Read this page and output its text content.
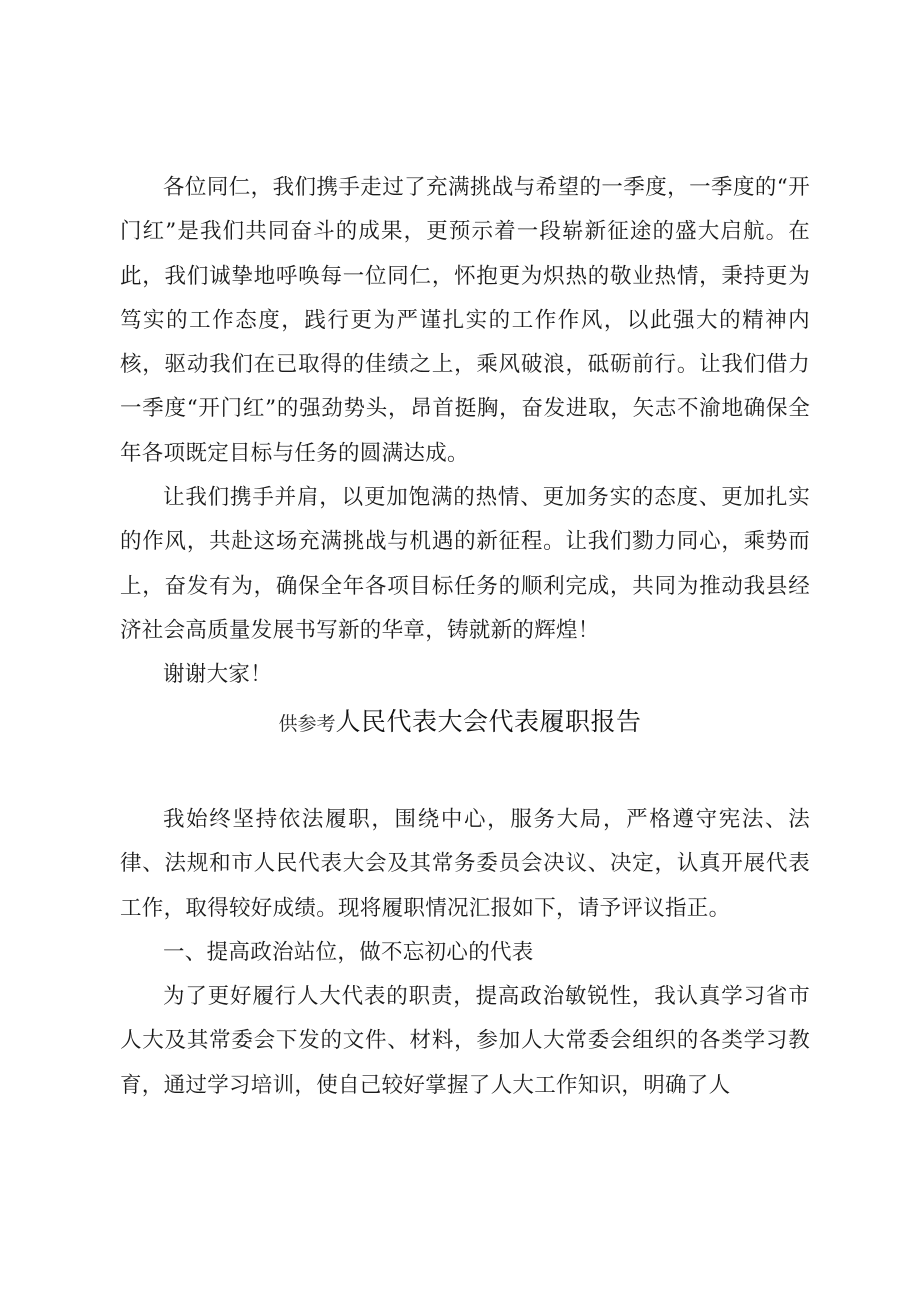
各位同仁，我们携手走过了充满挑战与希望的一季度，一季度的“开门红”是我们共同奋斗的成果，更预示着一段崭新征途的盛大启航。在此，我们诚挚地呼唤每一位同仁，怀抱更为炽热的敬业热情，秉持更为笃实的工作态度，践行更为严谨扎实的工作作风，以此强大的精神内核，驱动我们在已取得的佳绩之上，乘风破浪，砥砺前行。让我们借力一季度“开门红”的强劲势头，昂首挺胸，奋发进取，矢志不渝地确保全年各项既定目标与任务的圆满达成。

让我们携手并肩，以更加饱满的热情、更加务实的态度、更加扎实的作风，共赴这场充满挑战与机遇的新征程。让我们勠力同心，乘势而上，奋发有为，确保全年各项目标任务的顺利完成，共同为推动我县经济社会高质量发展书写新的华章，铸就新的辉煌！

谢谢大家！

供参考人民代表大会代表履职报告

我始终坚持依法履职，围绕中心，服务大局，严格遵守宪法、法律、法规和市人民代表大会及其常务委员会决议、决定，认真开展代表工作，取得较好成绩。现将履职情况汇报如下，请予评议指正。

一、提高政治站位，做不忘初心的代表

为了更好履行人大代表的职责，提高政治敏锐性，我认真学习省市人大及其常委会下发的文件、材料，参加人大常委会组织的各类学习教育，通过学习培训，使自己较好掌握了人大工作知识，明确了人
